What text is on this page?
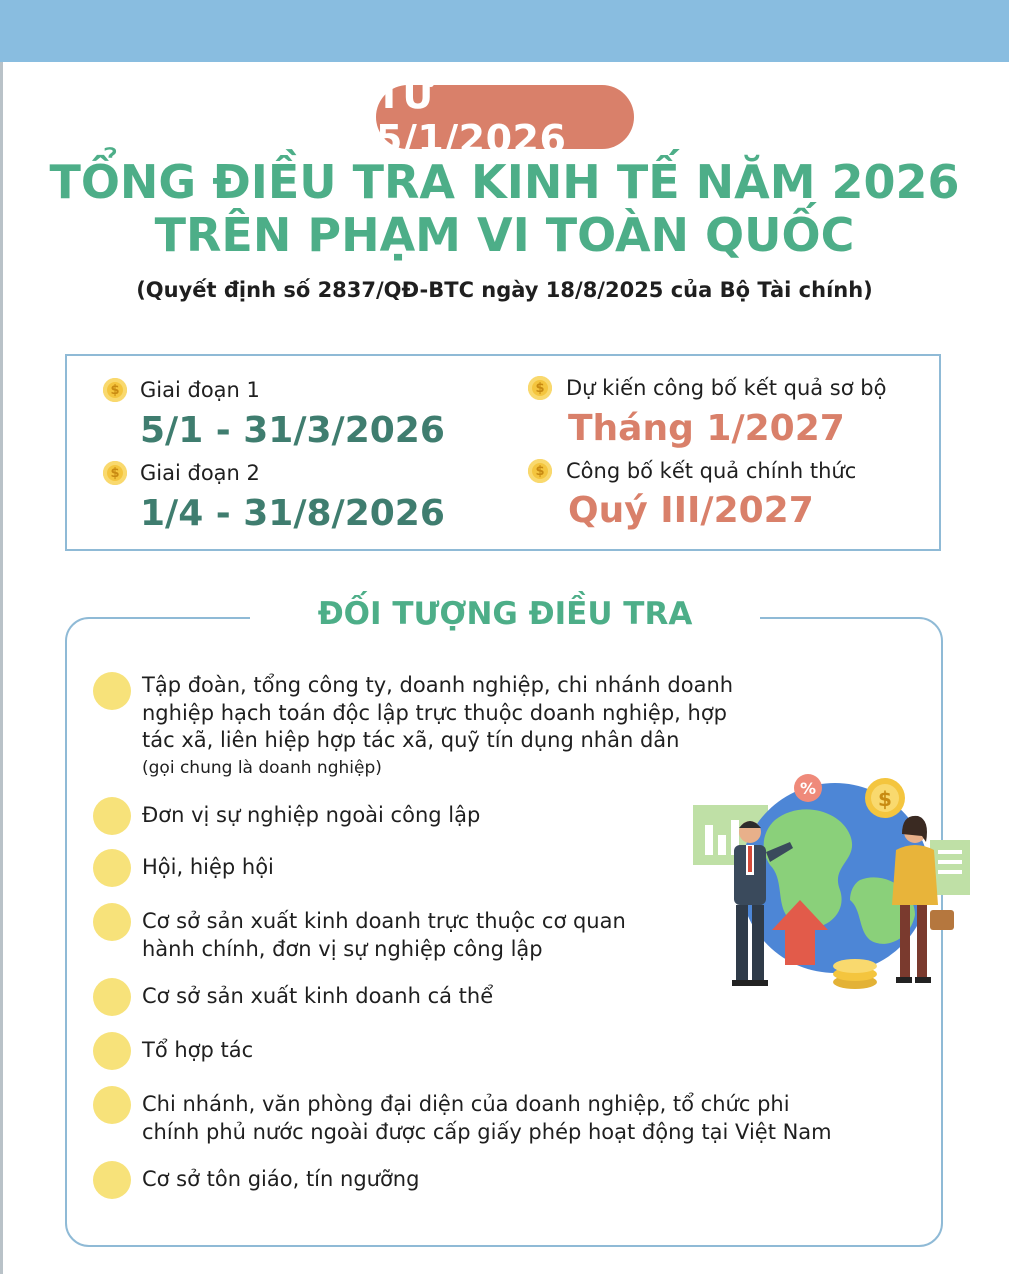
TỪ 5/1/2026
TỔNG ĐIỀU TRA KINH TẾ NĂM 2026
TRÊN PHẠM VI TOÀN QUỐC
(Quyết định số 2837/QĐ-BTC ngày 18/8/2025 của Bộ Tài chính)
$ Giai đoạn 1
5/1 - 31/3/2026
$ Giai đoạn 2
1/4 - 31/8/2026
$ Dự kiến công bố kết quả sơ bộ
Tháng 1/2027
$ Công bố kết quả chính thức
Quý III/2027
ĐỐI TƯỢNG ĐIỀU TRA
Tập đoàn, tổng công ty, doanh nghiệp, chi nhánh doanh
nghiệp hạch toán độc lập trực thuộc doanh nghiệp, hợp
tác xã, liên hiệp hợp tác xã, quỹ tín dụng nhân dân
(gọi chung là doanh nghiệp)
Đơn vị sự nghiệp ngoài công lập
Hội, hiệp hội
Cơ sở sản xuất kinh doanh trực thuộc cơ quan
hành chính, đơn vị sự nghiệp công lập
Cơ sở sản xuất kinh doanh cá thể
Tổ hợp tác
Chi nhánh, văn phòng đại diện của doanh nghiệp, tổ chức phi
chính phủ nước ngoài được cấp giấy phép hoạt động tại Việt Nam
Cơ sở tôn giáo, tín ngưỡng
%	$
